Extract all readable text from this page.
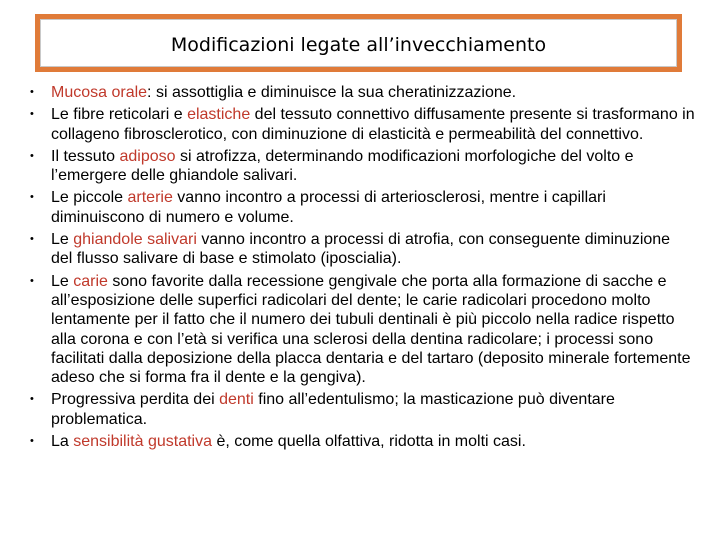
Modificazioni legate all’invecchiamento
• Mucosa orale: si assottiglia e diminuisce la sua cheratinizzazione.
• Le fibre reticolari e elastiche del tessuto connettivo diffusamente presente si trasformano in collageno fibrosclerotico, con diminuzione di elasticità e permeabilità del connettivo.
• Il tessuto adiposo si atrofizza, determinando modificazioni morfologiche del volto e l’emergere delle ghiandole salivari.
• Le piccole arterie vanno incontro a processi di arteriosclerosi, mentre i capillari diminuiscono di numero e volume.
• Le ghiandole salivari vanno incontro a processi di atrofia, con conseguente diminuzione del flusso salivare di base e stimolato (iposcialia).
• Le carie sono favorite dalla recessione gengivale che porta alla formazione di sacche e all’esposizione delle superfici radicolari del dente; le carie radicolari procedono molto lentamente per il fatto che il numero dei tubuli dentinali è più piccolo nella radice rispetto alla corona e con l’età si verifica una sclerosi della dentina radicolare; i processi sono facilitati dalla deposizione della placca dentaria e del tartaro (deposito minerale fortemente adeso che si forma fra il dente e la gengiva).
• Progressiva perdita dei denti fino all’edentulismo; la masticazione può diventare problematica.
• La sensibilità gustativa è, come quella olfattiva, ridotta in molti casi.
